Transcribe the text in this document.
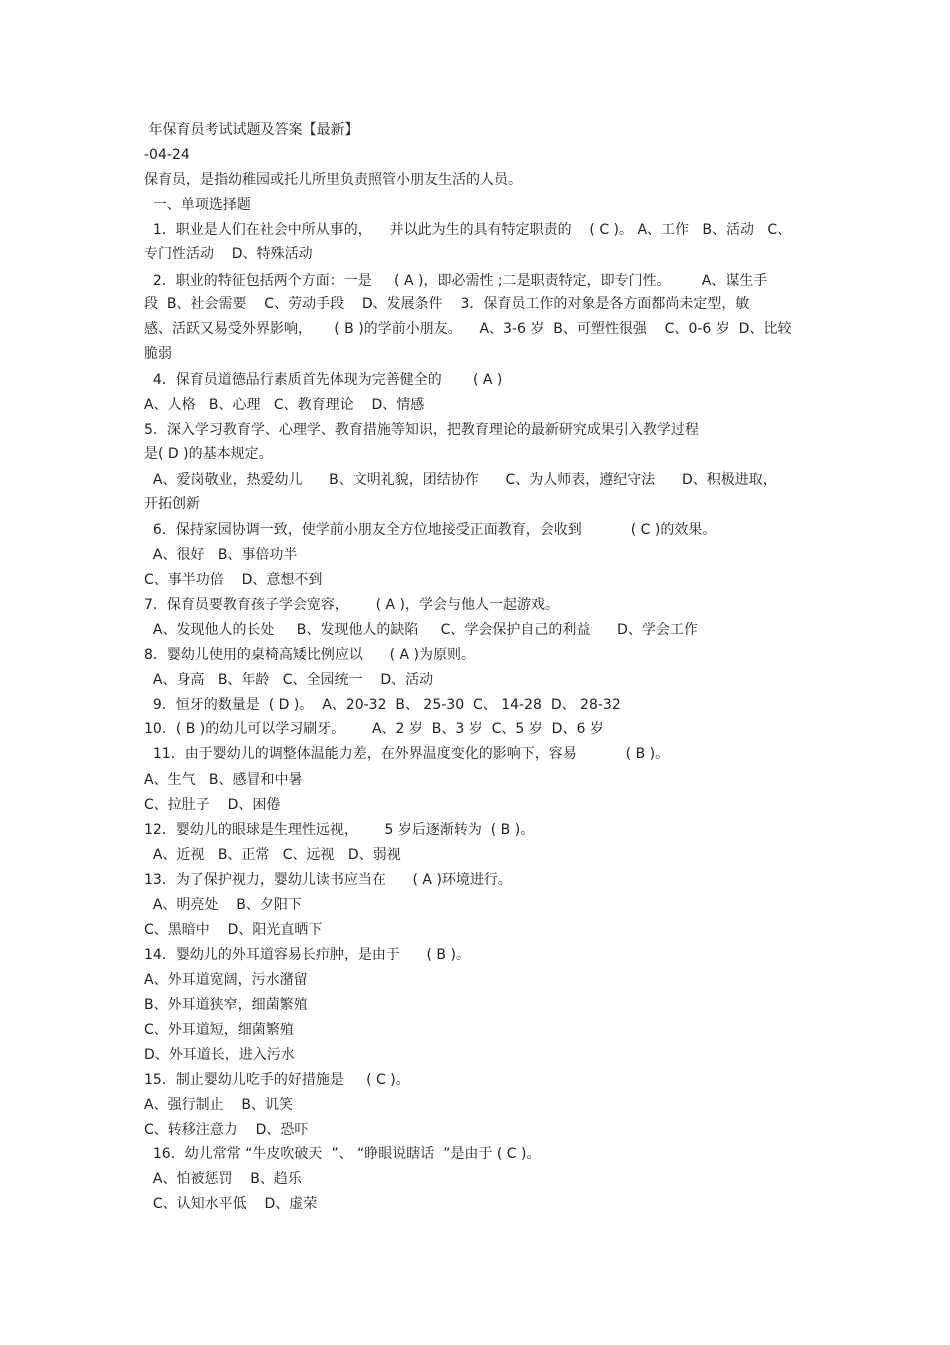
年保育员考试试题及答案【最新】
-04-24
保育员，是指幼稚园或托儿所里负责照管小朋友生活的人员。
一、单项选择题
1．职业是人们在社会中所从事的，    并以此为生的具有特定职责的    ( C )。 A、工作   B、活动   C、
专门性活动    D、特殊活动
2．职业的特征包括两个方面：一是     ( A )，即必需性 ;二是职责特定，即专门性。       A、谋生手
段  B、社会需要    C、劳动手段    D、发展条件    3．保育员工作的对象是各方面都尚未定型，敏
感、活跃又易受外界影响，     ( B )的学前小朋友。    A、3-6 岁  B、可塑性很强    C、0-6 岁  D、比较
脆弱
4．保育员道德品行素质首先体现为完善健全的       ( A )
A、人格   B、心理   C、教育理论    D、情感
5．深入学习教育学、心理学、教育措施等知识，把教育理论的最新研究成果引入教学过程
是( D )的基本规定。
A、爱岗敬业，热爱幼儿      B、文明礼貌，团结协作      C、为人师表，遵纪守法      D、积极进取，
开拓创新
6．保持家园协调一致，使学前小朋友全方位地接受正面教育，会收到           ( C )的效果。
A、很好   B、事倍功半
C、事半功倍    D、意想不到
7．保育员要教育孩子学会宽容，      ( A )，学会与他人一起游戏。
A、发现他人的长处     B、发现他人的缺陷     C、学会保护自己的利益      D、学会工作
8．婴幼儿使用的桌椅高矮比例应以      ( A )为原则。
A、身高   B、年龄   C、全园统一    D、活动
9．恒牙的数量是  ( D )。  A、20-32  B、 25-30  C、 14-28  D、 28-32
10．( B )的幼儿可以学习刷牙。      A、2 岁  B、3 岁  C、5 岁  D、6 岁
11．由于婴幼儿的调整体温能力差，在外界温度变化的影响下，容易           ( B )。
A、生气   B、感冒和中暑
C、拉肚子    D、困倦
12．婴幼儿的眼球是生理性远视，      5 岁后逐渐转为  ( B )。
A、近视   B、正常   C、远视   D、弱视
13．为了保护视力，婴幼儿读书应当在      ( A )环境进行。
A、明亮处    B、夕阳下
C、黑暗中    D、阳光直晒下
14．婴幼儿的外耳道容易长疖肿，是由于      ( B )。
A、外耳道宽阔，污水潴留
B、外耳道狭窄，细菌繁殖
C、外耳道短，细菌繁殖
D、外耳道长，进入污水
15．制止婴幼儿吃手的好措施是     ( C )。
A、强行制止    B、讥笑
C、转移注意力    D、恐吓
16．幼儿常常 “牛皮吹破天  ”、 “睁眼说瞎话  ”是由于 ( C )。
A、怕被惩罚    B、趋乐
C、认知水平低    D、虚荣
